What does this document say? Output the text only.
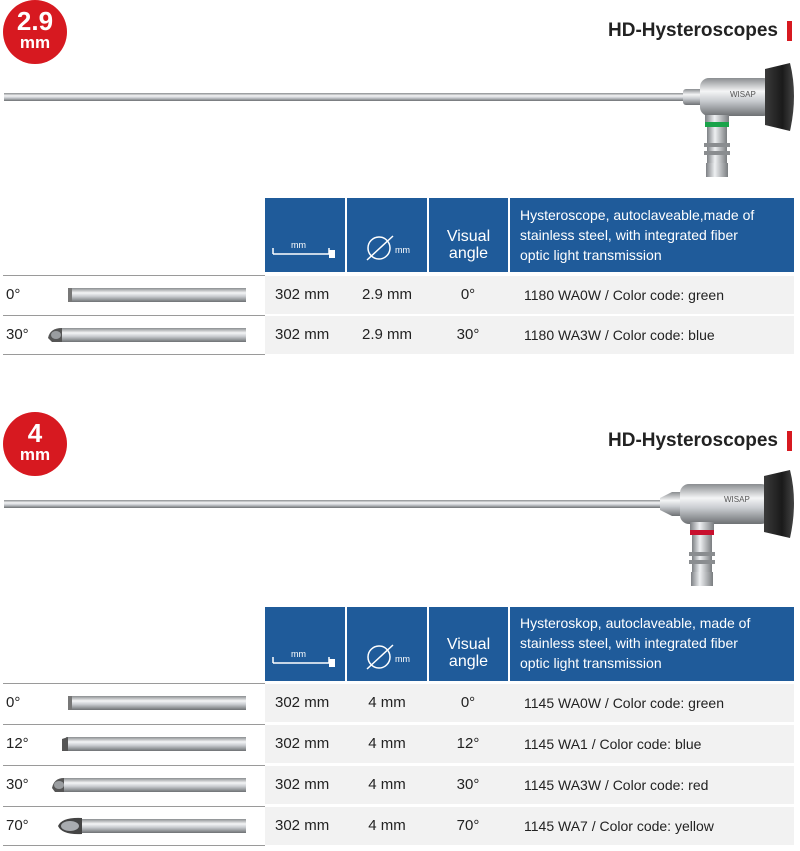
2.9
mm
HD-Hysteroscopes
WISAP
mm	mm
Visual
angle
Hysteroscope, autoclaveable,made of
stainless steel, with integrated fiber
optic light transmission
0°	302 mm	2.9 mm	0°	1180 WA0W / Color code: green
30°	302 mm	2.9 mm	30°	1180 WA3W / Color code: blue
4
mm
HD-Hysteroscopes
WISAP
mm	mm
Visual
angle
Hysteroskop, autoclaveable, made of
stainless steel, with integrated fiber
optic light transmission
0°	302 mm	4 mm	0°	1145 WA0W / Color code: green
12°	302 mm	4 mm	12°	1145 WA1 / Color code: blue
30°	302 mm	4 mm	30°	1145 WA3W / Color code: red
70°	302 mm	4 mm	70°	1145 WA7 / Color code: yellow
